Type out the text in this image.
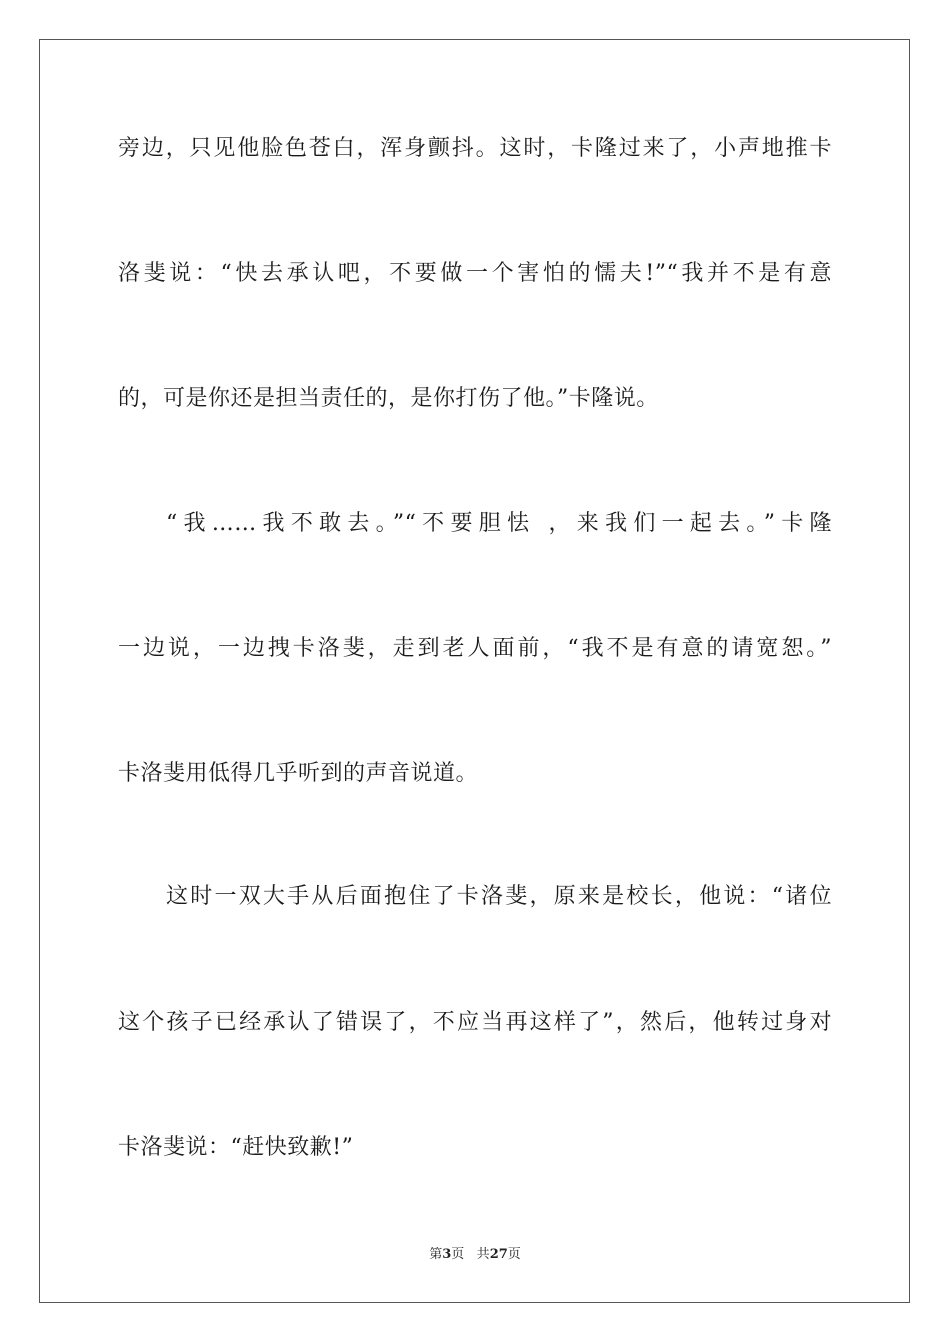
旁边，只见他脸色苍白，浑身颤抖。这时，卡隆过来了，小声地推卡
洛斐说：“快去承认吧，不要做一个害怕的懦夫!”“我并不是有意
的，可是你还是担当责任的，是你打伤了他。”卡隆说。
“我……我不敢去。”“不要胆怯 ，来我们一起去。”卡隆
一边说，一边拽卡洛斐，走到老人面前，“我不是有意的请宽恕。”
卡洛斐用低得几乎听到的声音说道。
这时一双大手从后面抱住了卡洛斐，原来是校长，他说：“诸位
这个孩子已经承认了错误了，不应当再这样了”，然后，他转过身对
卡洛斐说：“赶快致歉!”
第3页 共27页
